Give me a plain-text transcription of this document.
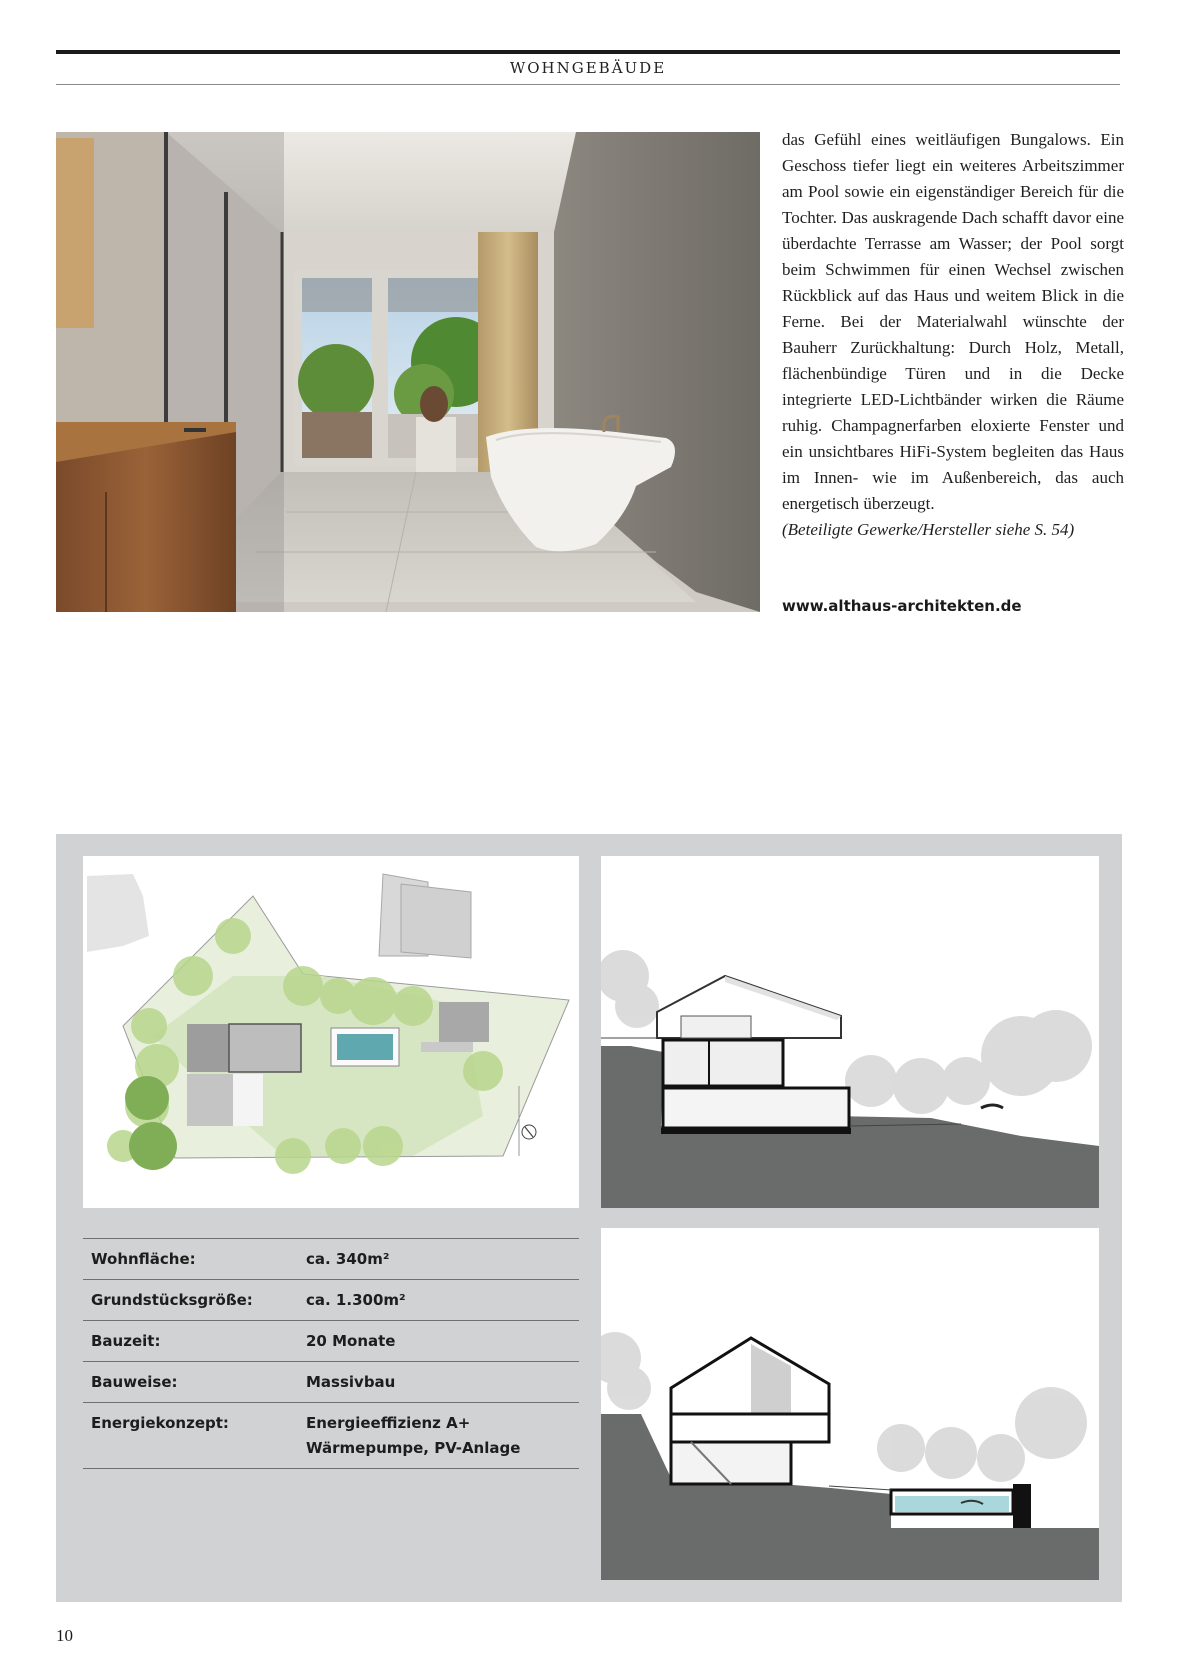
WOHNGEBÄUDE

das Gefühl eines weitläufigen Bungalows. Ein Geschoss tiefer liegt ein weiteres Arbeitszimmer am Pool sowie ein eigenständiger Bereich für die Tochter. Das auskragende Dach schafft davor eine überdachte Terrasse am Wasser; der Pool sorgt beim Schwimmen für einen Wechsel zwischen Rückblick auf das Haus und weitem Blick in die Ferne. Bei der Materialwahl wünschte der Bauherr Zurückhaltung: Durch Holz, Metall, flächenbündige Türen und in die Decke integrierte LED-Lichtbänder wirken die Räume ruhig. Champagnerfarben eloxierte Fenster und ein unsichtbares HiFi-System begleiten das Haus im Innen- wie im Außenbereich, das auch energetisch überzeugt.

(Beteiligte Gewerke/Hersteller siehe S. 54)

www.althaus-architekten.de
Wohnfläche:	ca. 340m²
Grundstücksgröße:	ca. 1.300m²
Bauzeit:	20 Monate
Bauweise:	Massivbau
Energiekonzept:	Energieeffizienz A+
Wärmepumpe, PV-Anlage
10
